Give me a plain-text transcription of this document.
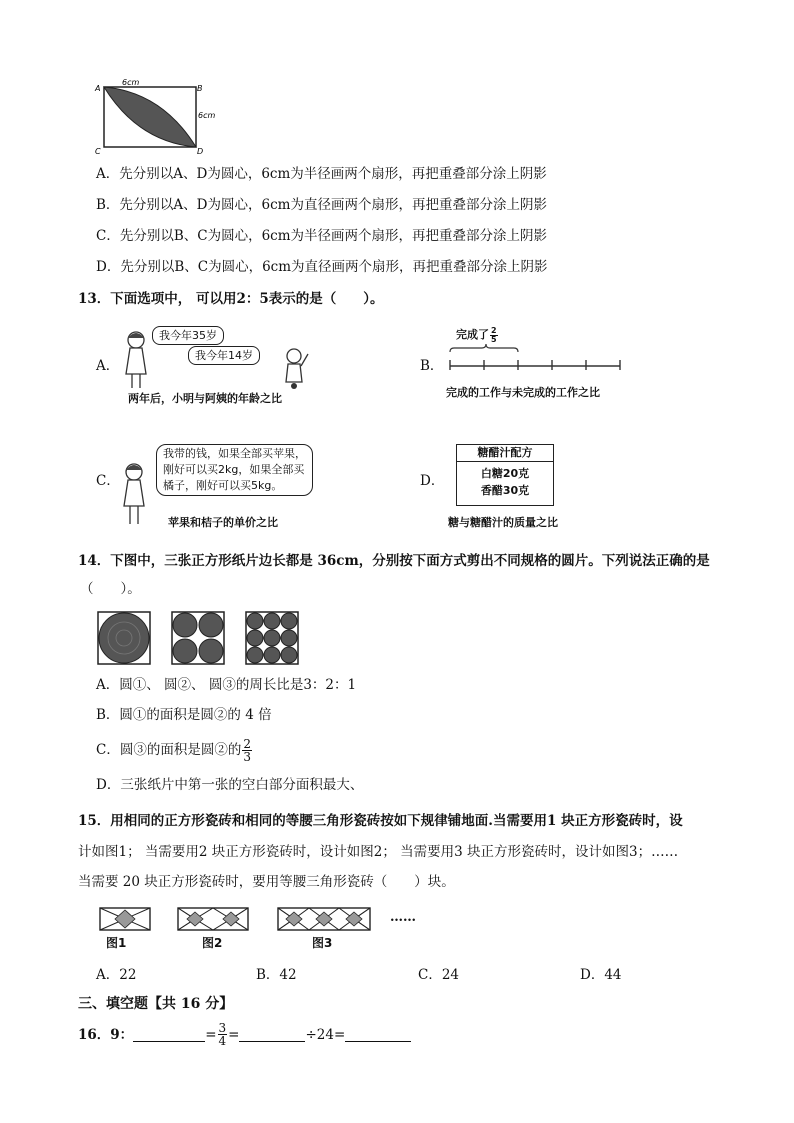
6cm
6cm
A	B
C	D
A．先分别以A、D为圆心，6cm为半径画两个扇形，再把重叠部分涂上阴影
B．先分别以A、D为圆心，6cm为直径画两个扇形，再把重叠部分涂上阴影
C．先分别以B、C为圆心，6cm为半径画两个扇形，再把重叠部分涂上阴影
D．先分别以B、C为圆心，6cm为直径画两个扇形，再把重叠部分涂上阴影
13．下面选项中， 可以用2：5表示的是（　　）。
A．
我今年35岁
我今年14岁
两年后，小明与阿姨的年龄之比
B．
完成了 $\frac{2}{5}$
完成的工作与未完成的工作之比
C．
我带的钱，如果全部买苹果，
刚好可以买2kg，如果全部买
橘子，刚好可以买5kg。
苹果和桔子的单价之比
D．
糖醋汁配方
白糖20克
香醋30克
糖与糖醋汁的质量之比
14．下图中，三张正方形纸片边长都是 36cm，分别按下面方式剪出不同规格的圆片。下列说法正确的是
（　　）。
A．圆①、 圆②、 圆③的周长比是3：2：1
B．圆①的面积是圆②的 4 倍
C．圆③的面积是圆②的 $\frac{2}{3}$
D．三张纸片中第一张的空白部分面积最大、
15．用相同的正方形瓷砖和相同的等腰三角形瓷砖按如下规律铺地面.当需要用1 块正方形瓷砖时，设
计如图1； 当需要用2 块正方形瓷砖时，设计如图2； 当需要用3 块正方形瓷砖时，设计如图3；……
当需要 20 块正方形瓷砖时，要用等腰三角形瓷砖（　　）块。
……
图1	图2	图3
A．22	B．42	C．24	D．44
三、填空题【共 16 分】
16．9：	= $\frac{3}{4}$ =	÷24=
